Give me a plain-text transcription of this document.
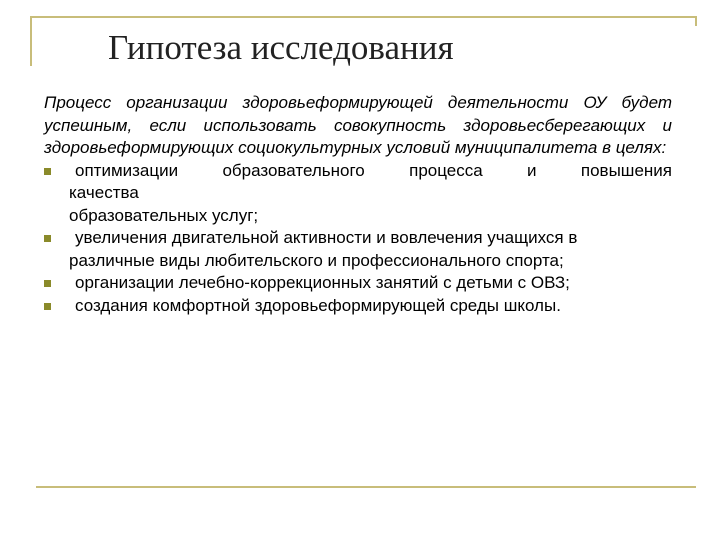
Гипотеза исследования

Процесс организации здоровьеформирующей деятельности ОУ будет успешным, если использовать совокупность здоровьесберегающих и здоровьеформирующих социокультурных условий муниципалитета в целях:

оптимизации образовательного процесса и повышения
качества
образовательных услуг;
увеличения двигательной активности и вовлечения учащихся в
различные виды любительского и профессионального спорта;
организации лечебно-коррекционных занятий с детьми с ОВЗ;
создания комфортной здоровьеформирующей среды школы.
